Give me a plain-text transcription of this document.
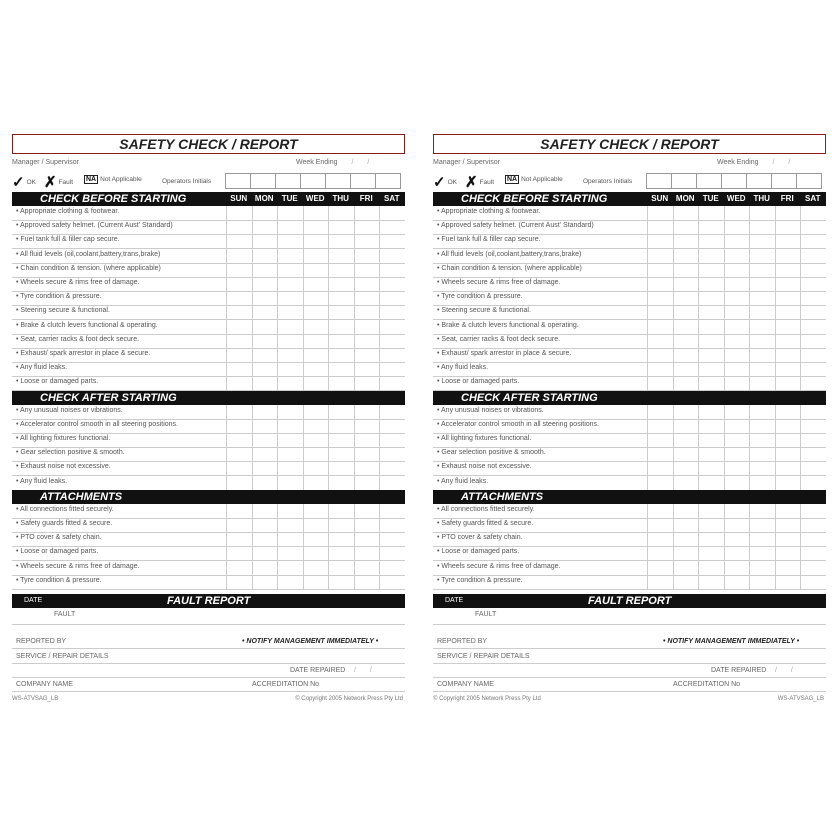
SAFETY CHECK / REPORT
Manager / Supervisor	Week Ending / /
✓ OK ✗ Fault NA Not Applicable	Operators Initials
CHECK BEFORE STARTING	SUN MON	TUE	WED THU	FRI	SAT
• Appropriate clothing & footwear.
• Approved safety helmet. (Current Aust' Standard)
• Fuel tank full & filler cap secure.
• All fluid levels (oil,coolant,battery,trans,brake)
• Chain condition & tension. (where applicable)
• Wheels secure & rims free of damage.
• Tyre condition & pressure.
• Steering secure & functional.
• Brake & clutch levers functional & operating.
• Seat, carrier racks & foot deck secure.
• Exhaust/ spark arrestor in place & secure.
• Any fluid leaks.
• Loose or damaged parts.
CHECK AFTER STARTING
• Any unusual noises or vibrations.
• Accelerator control smooth in all steering positions.
• All lighting fixtures functional.
• Gear selection positive & smooth.
• Exhaust noise not excessive.
• Any fluid leaks.
ATTACHMENTS
• All connections fitted securely.
• Safety guards fitted & secure.
• PTO cover & safety chain.
• Loose or damaged parts.
• Wheels secure & rims free of damage.
• Tyre condition & pressure.
DATE	FAULT REPORT
FAULT
REPORTED BY	• NOTIFY MANAGEMENT IMMEDIATELY •
SERVICE / REPAIR DETAILS
DATE REPAIRED / /
COMPANY NAME	ACCREDITATION No
WS-ATVSAG_LB	© Copyright 2005 Network Press Pty Ltd
SAFETY CHECK / REPORT
Manager / Supervisor	Week Ending / /
✓ OK ✗ Fault NA Not Applicable	Operators Initials
CHECK BEFORE STARTING	SUN MON	TUE	WED THU	FRI	SAT
• Appropriate clothing & footwear.
• Approved safety helmet. (Current Aust' Standard)
• Fuel tank full & filler cap secure.
• All fluid levels (oil,coolant,battery,trans,brake)
• Chain condition & tension. (where applicable)
• Wheels secure & rims free of damage.
• Tyre condition & pressure.
• Steering secure & functional.
• Brake & clutch levers functional & operating.
• Seat, carrier racks & foot deck secure.
• Exhaust/ spark arrestor in place & secure.
• Any fluid leaks.
• Loose or damaged parts.
CHECK AFTER STARTING
• Any unusual noises or vibrations.
• Accelerator control smooth in all steering positions.
• All lighting fixtures functional.
• Gear selection positive & smooth.
• Exhaust noise not excessive.
• Any fluid leaks.
ATTACHMENTS
• All connections fitted securely.
• Safety guards fitted & secure.
• PTO cover & safety chain.
• Loose or damaged parts.
• Wheels secure & rims free of damage.
• Tyre condition & pressure.
DATE	FAULT REPORT
FAULT
REPORTED BY	• NOTIFY MANAGEMENT IMMEDIATELY •
SERVICE / REPAIR DETAILS
DATE REPAIRED / /
COMPANY NAME	ACCREDITATION No
© Copyright 2005 Network Press Pty Ltd	WS-ATVSAG_LB
